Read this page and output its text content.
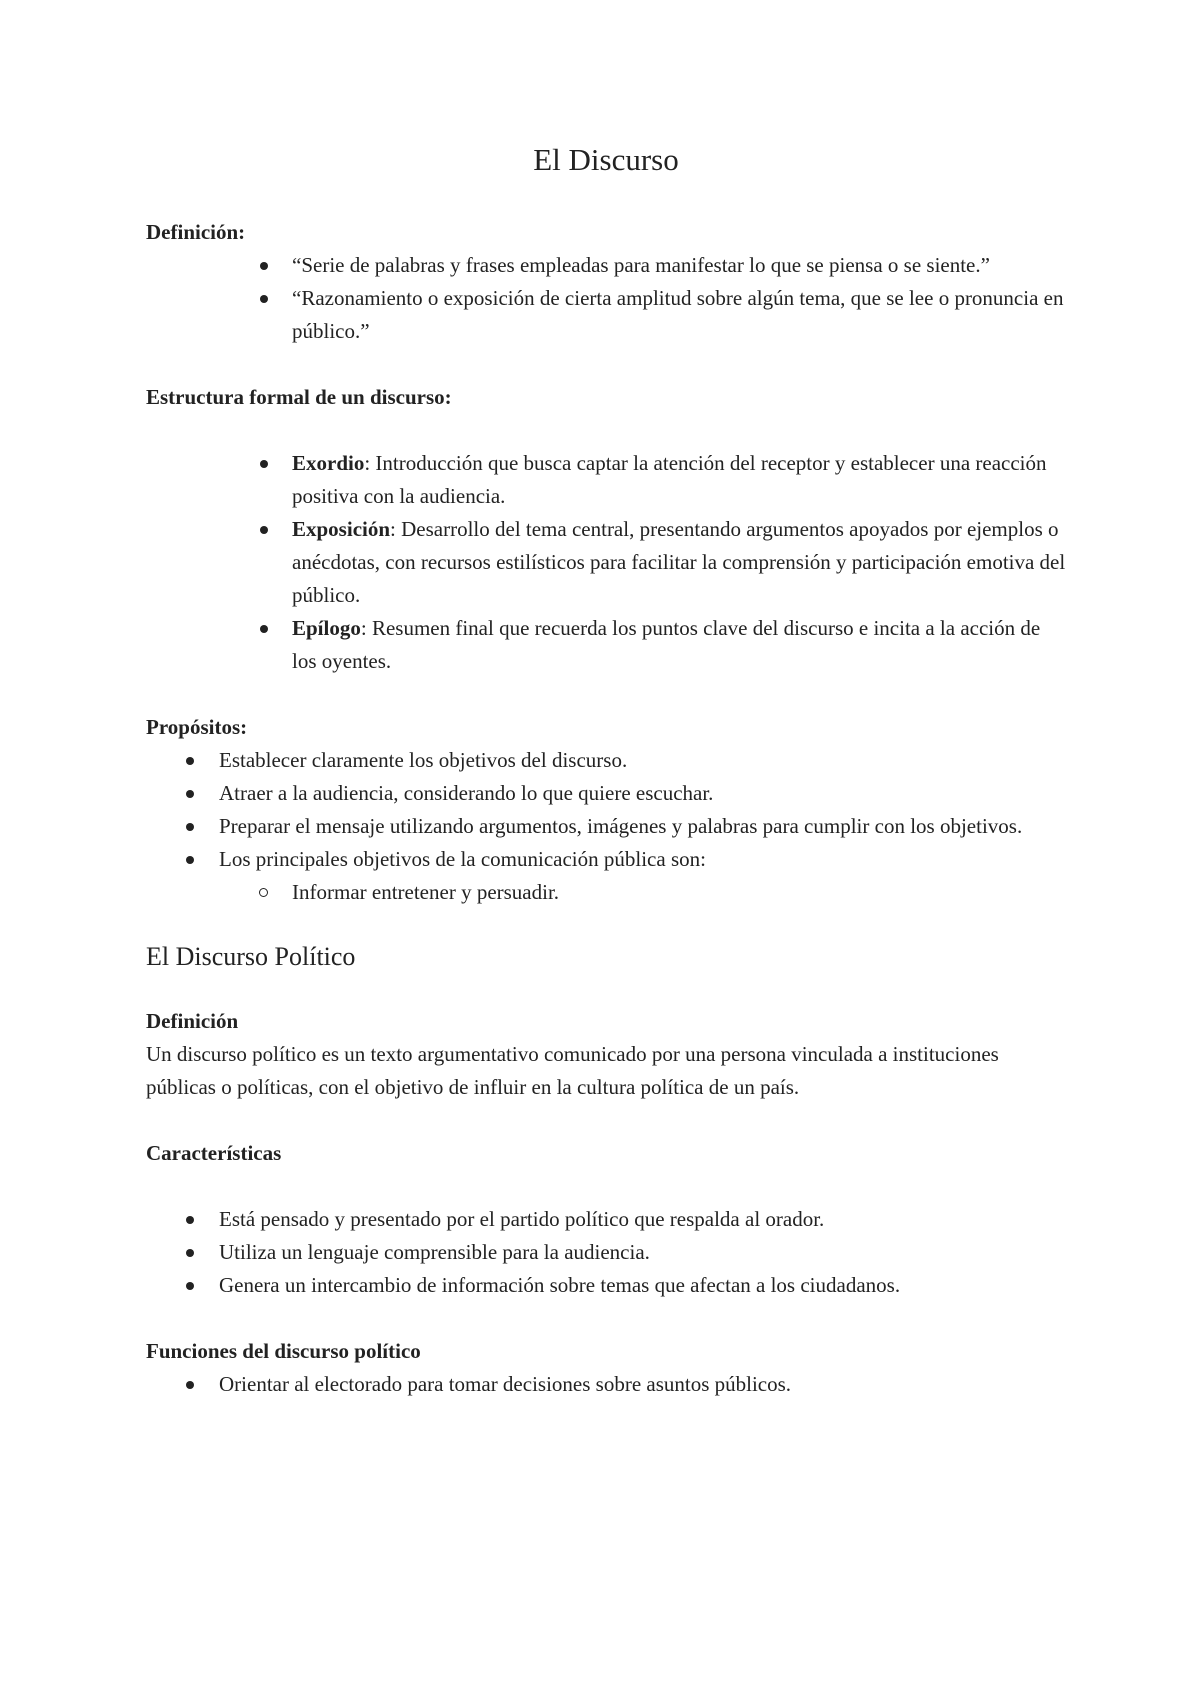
El Discurso

Definición:

“Serie de palabras y frases empleadas para manifestar lo que se piensa o se siente.”
“Razonamiento o exposición de cierta amplitud sobre algún tema, que se lee o pronuncia en público.”

Estructura formal de un discurso:

Exordio: Introducción que busca captar la atención del receptor y establecer una reacción positiva con la audiencia.
Exposición: Desarrollo del tema central, presentando argumentos apoyados por ejemplos o anécdotas, con recursos estilísticos para facilitar la comprensión y participación emotiva del público.
Epílogo: Resumen final que recuerda los puntos clave del discurso e incita a la acción de los oyentes.

Propósitos:

Establecer claramente los objetivos del discurso.
Atraer a la audiencia, considerando lo que quiere escuchar.
Preparar el mensaje utilizando argumentos, imágenes y palabras para cumplir con los objetivos.
Los principales objetivos de la comunicación pública son:
Informar entretener y persuadir.
El Discurso Político

Definición

Un discurso político es un texto argumentativo comunicado por una persona vinculada a instituciones públicas o políticas, con el objetivo de influir en la cultura política de un país.

Características

Está pensado y presentado por el partido político que respalda al orador.
Utiliza un lenguaje comprensible para la audiencia.
Genera un intercambio de información sobre temas que afectan a los ciudadanos.

Funciones del discurso político

Orientar al electorado para tomar decisiones sobre asuntos públicos.
